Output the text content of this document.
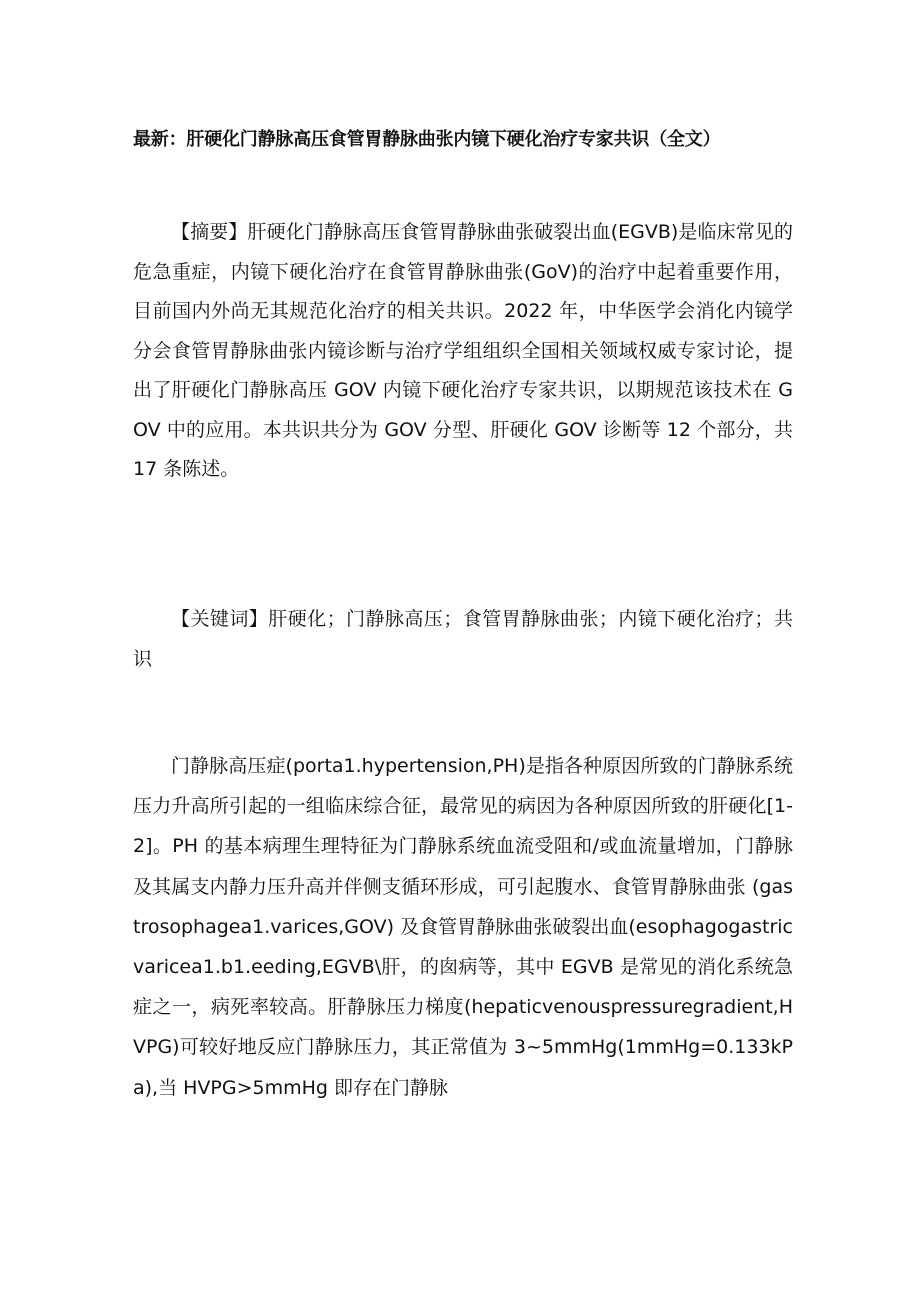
最新：肝硬化门静脉高压食管胃静脉曲张内镜下硬化治疗专家共识（全文）
【摘要】肝硬化门静脉高压食管胃静脉曲张破裂出血(EGVB)是临床常见的危急重症，内镜下硬化治疗在食管胃静脉曲张(GoV)的治疗中起着重要作用，目前国内外尚无其规范化治疗的相关共识。2022 年，中华医学会消化内镜学分会食管胃静脉曲张内镜诊断与治疗学组组织全国相关领域权威专家讨论，提出了肝硬化门静脉高压 GOV 内镜下硬化治疗专家共识，以期规范该技术在 GOV 中的应用。本共识共分为 GOV 分型、肝硬化 GOV 诊断等 12 个部分，共 17 条陈述。
【关键词】肝硬化；门静脉高压；食管胃静脉曲张；内镜下硬化治疗；共识
门静脉高压症(porta1.hypertension,PH)是指各种原因所致的门静脉系统压力升高所引起的一组临床综合征，最常见的病因为各种原因所致的肝硬化[1-2]。PH 的基本病理生理特征为门静脉系统血流受阻和/或血流量增加，门静脉及其属支内静力压升高并伴侧支循环形成，可引起腹水、食管胃静脉曲张 (gastrosophagea1.varices,GOV) 及食管胃静脉曲张破裂出血(esophagogastricvaricea1.b1.eeding,EGVB\肝，的囱病等，其中 EGVB 是常见的消化系统急症之一，病死率较高。肝静脉压力梯度(hepaticvenouspressuregradient,HVPG)可较好地反应门静脉压力，其正常值为 3~5mmHg(1mmHg=0.133kPa),当 HVPG>5mmHg 即存在门静脉
